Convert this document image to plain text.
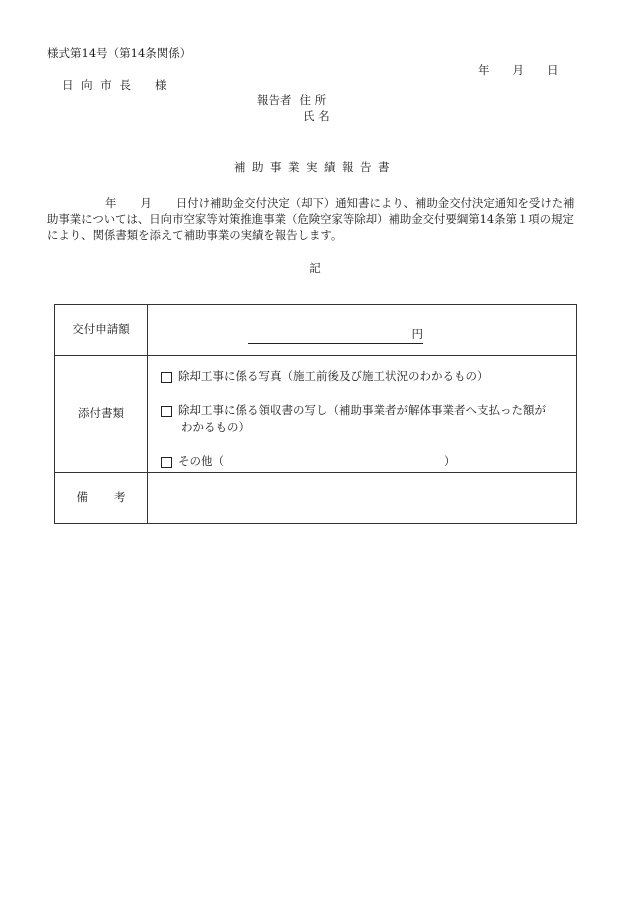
様式第14号（第14条関係）
年 月 日
日 向 市 長 様
報告者 住 所
氏 名
補助事業実績報告書
年 月 日付け補助金交付決定（却下）通知書により、補助金交付決定通知を受けた補
助事業については、日向市空家等対策推進事業（危険空家等除却）補助金交付要綱第14条第１項の規定
により、関係書類を添えて補助事業の実績を報告します。
記
交付申請額	円

添付書類	除却工事に係る写真（施工前後及び施工状況のわかるもの）
除却工事に係る領収書の写し（補助事業者が解体事業者へ支払った額が
わかるもの）
その他（ ）

備 考	
